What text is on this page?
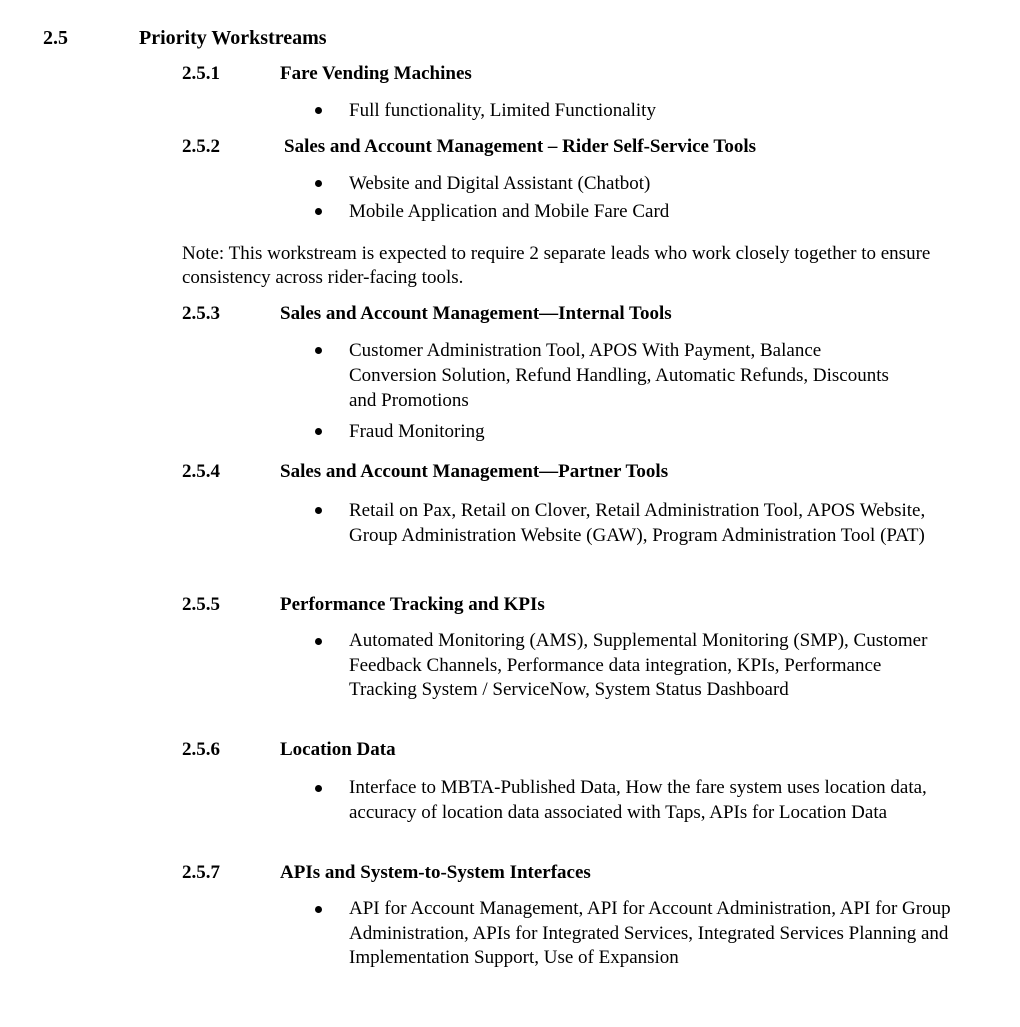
2.5	Priority Workstreams
2.5.1	Fare Vending Machines
Full functionality, Limited Functionality
2.5.2	Sales and Account Management – Rider Self-Service Tools
Website and Digital Assistant (Chatbot)
Mobile Application and Mobile Fare Card
Note: This workstream is expected to require 2 separate leads who work closely together to ensure consistency across rider-facing tools.
2.5.3	Sales and Account Management—Internal Tools
Customer Administration Tool, APOS With Payment, Balance Conversion Solution, Refund Handling, Automatic Refunds, Discounts and Promotions
Fraud Monitoring
2.5.4	Sales and Account Management—Partner Tools
Retail on Pax, Retail on Clover, Retail Administration Tool, APOS Website, Group Administration Website (GAW), Program Administration Tool (PAT)
2.5.5	Performance Tracking and KPIs
Automated Monitoring (AMS), Supplemental Monitoring (SMP), Customer Feedback Channels, Performance data integration, KPIs, Performance Tracking System / ServiceNow, System Status Dashboard
2.5.6	Location Data
Interface to MBTA-Published Data, How the fare system uses location data, accuracy of location data associated with Taps, APIs for Location Data
2.5.7	APIs and System-to-System Interfaces
API for Account Management, API for Account Administration, API for Group Administration, APIs for Integrated Services, Integrated Services Planning and Implementation Support, Use of Expansion
